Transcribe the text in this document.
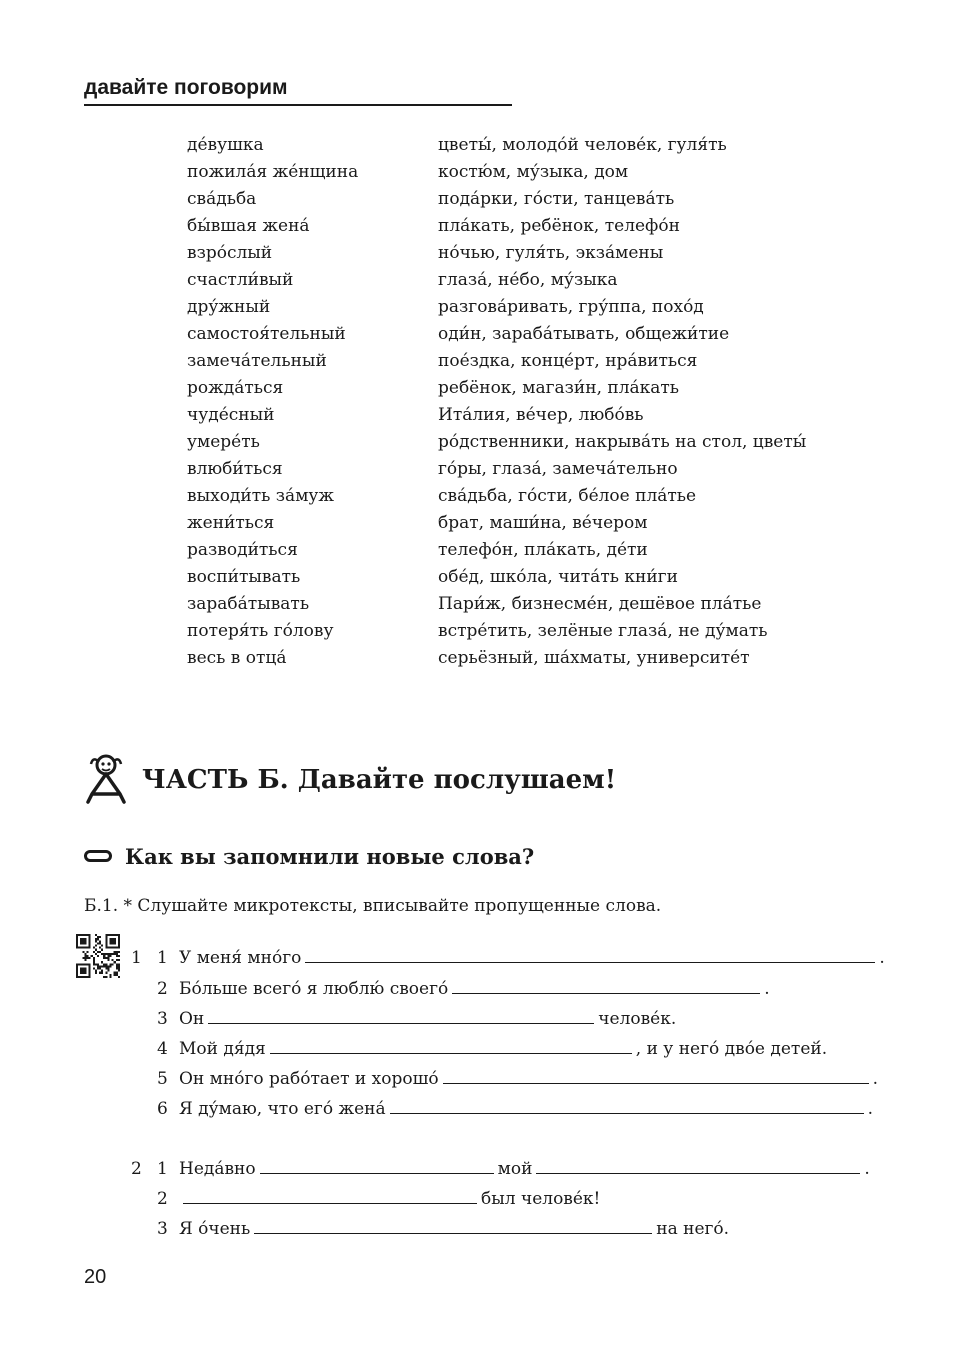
давайте поговорим
де́вушка	цветы́, молодо́й челове́к, гуля́ть
пожила́я же́нщина	костю́м, му́зыка, дом
сва́дьба	пода́рки, го́сти, танцева́ть
бы́вшая жена́	пла́кать, ребёнок, телефо́н
взро́слый	но́чью, гуля́ть, экза́мены
счастли́вый	глаза́, не́бо, му́зыка
дру́жный	разгова́ривать, гру́ппа, похо́д
самостоя́тельный	оди́н, зараба́тывать, общежи́тие
замеча́тельный	пое́здка, конце́рт, нра́виться
рожда́ться	ребёнок, магази́н, пла́кать
чуде́сный	Ита́лия, ве́чер, любо́вь
умере́ть	ро́дственники, накрыва́ть на стол, цветы́
влюби́ться	го́ры, глаза́, замеча́тельно
выходи́ть за́муж	сва́дьба, го́сти, бе́лое пла́тье
жени́ться	брат, маши́на, ве́чером
разводи́ться	телефо́н, пла́кать, де́ти
воспи́тывать	обе́д, шко́ла, чита́ть кни́ги
зараба́тывать	Пари́ж, бизнесме́н, дешёвое пла́тье
потеря́ть го́лову	встре́тить, зелёные глаза́, не ду́мать
весь в отца́	серьёзный, ша́хматы, университе́т
ЧАСТЬ Б. Давайте послушаем!
Как вы запомнили новые слова?
Б.1. * Слушайте микротексты, вписывайте пропущенные слова.
1
2
1 У меня́ мно́го	.
2 Бо́льше всего́ я люблю́ своего́	.
3 Он	челове́к.
4 Мой дя́дя	, и у него́ дво́е детей́.
5 Он мно́го рабо́тает и хорошо́	.
6 Я ду́маю, что его́ жена́	.
1 Неда́вно	мой	.
2	был челове́к!
3 Я о́чень	на него́.
20
